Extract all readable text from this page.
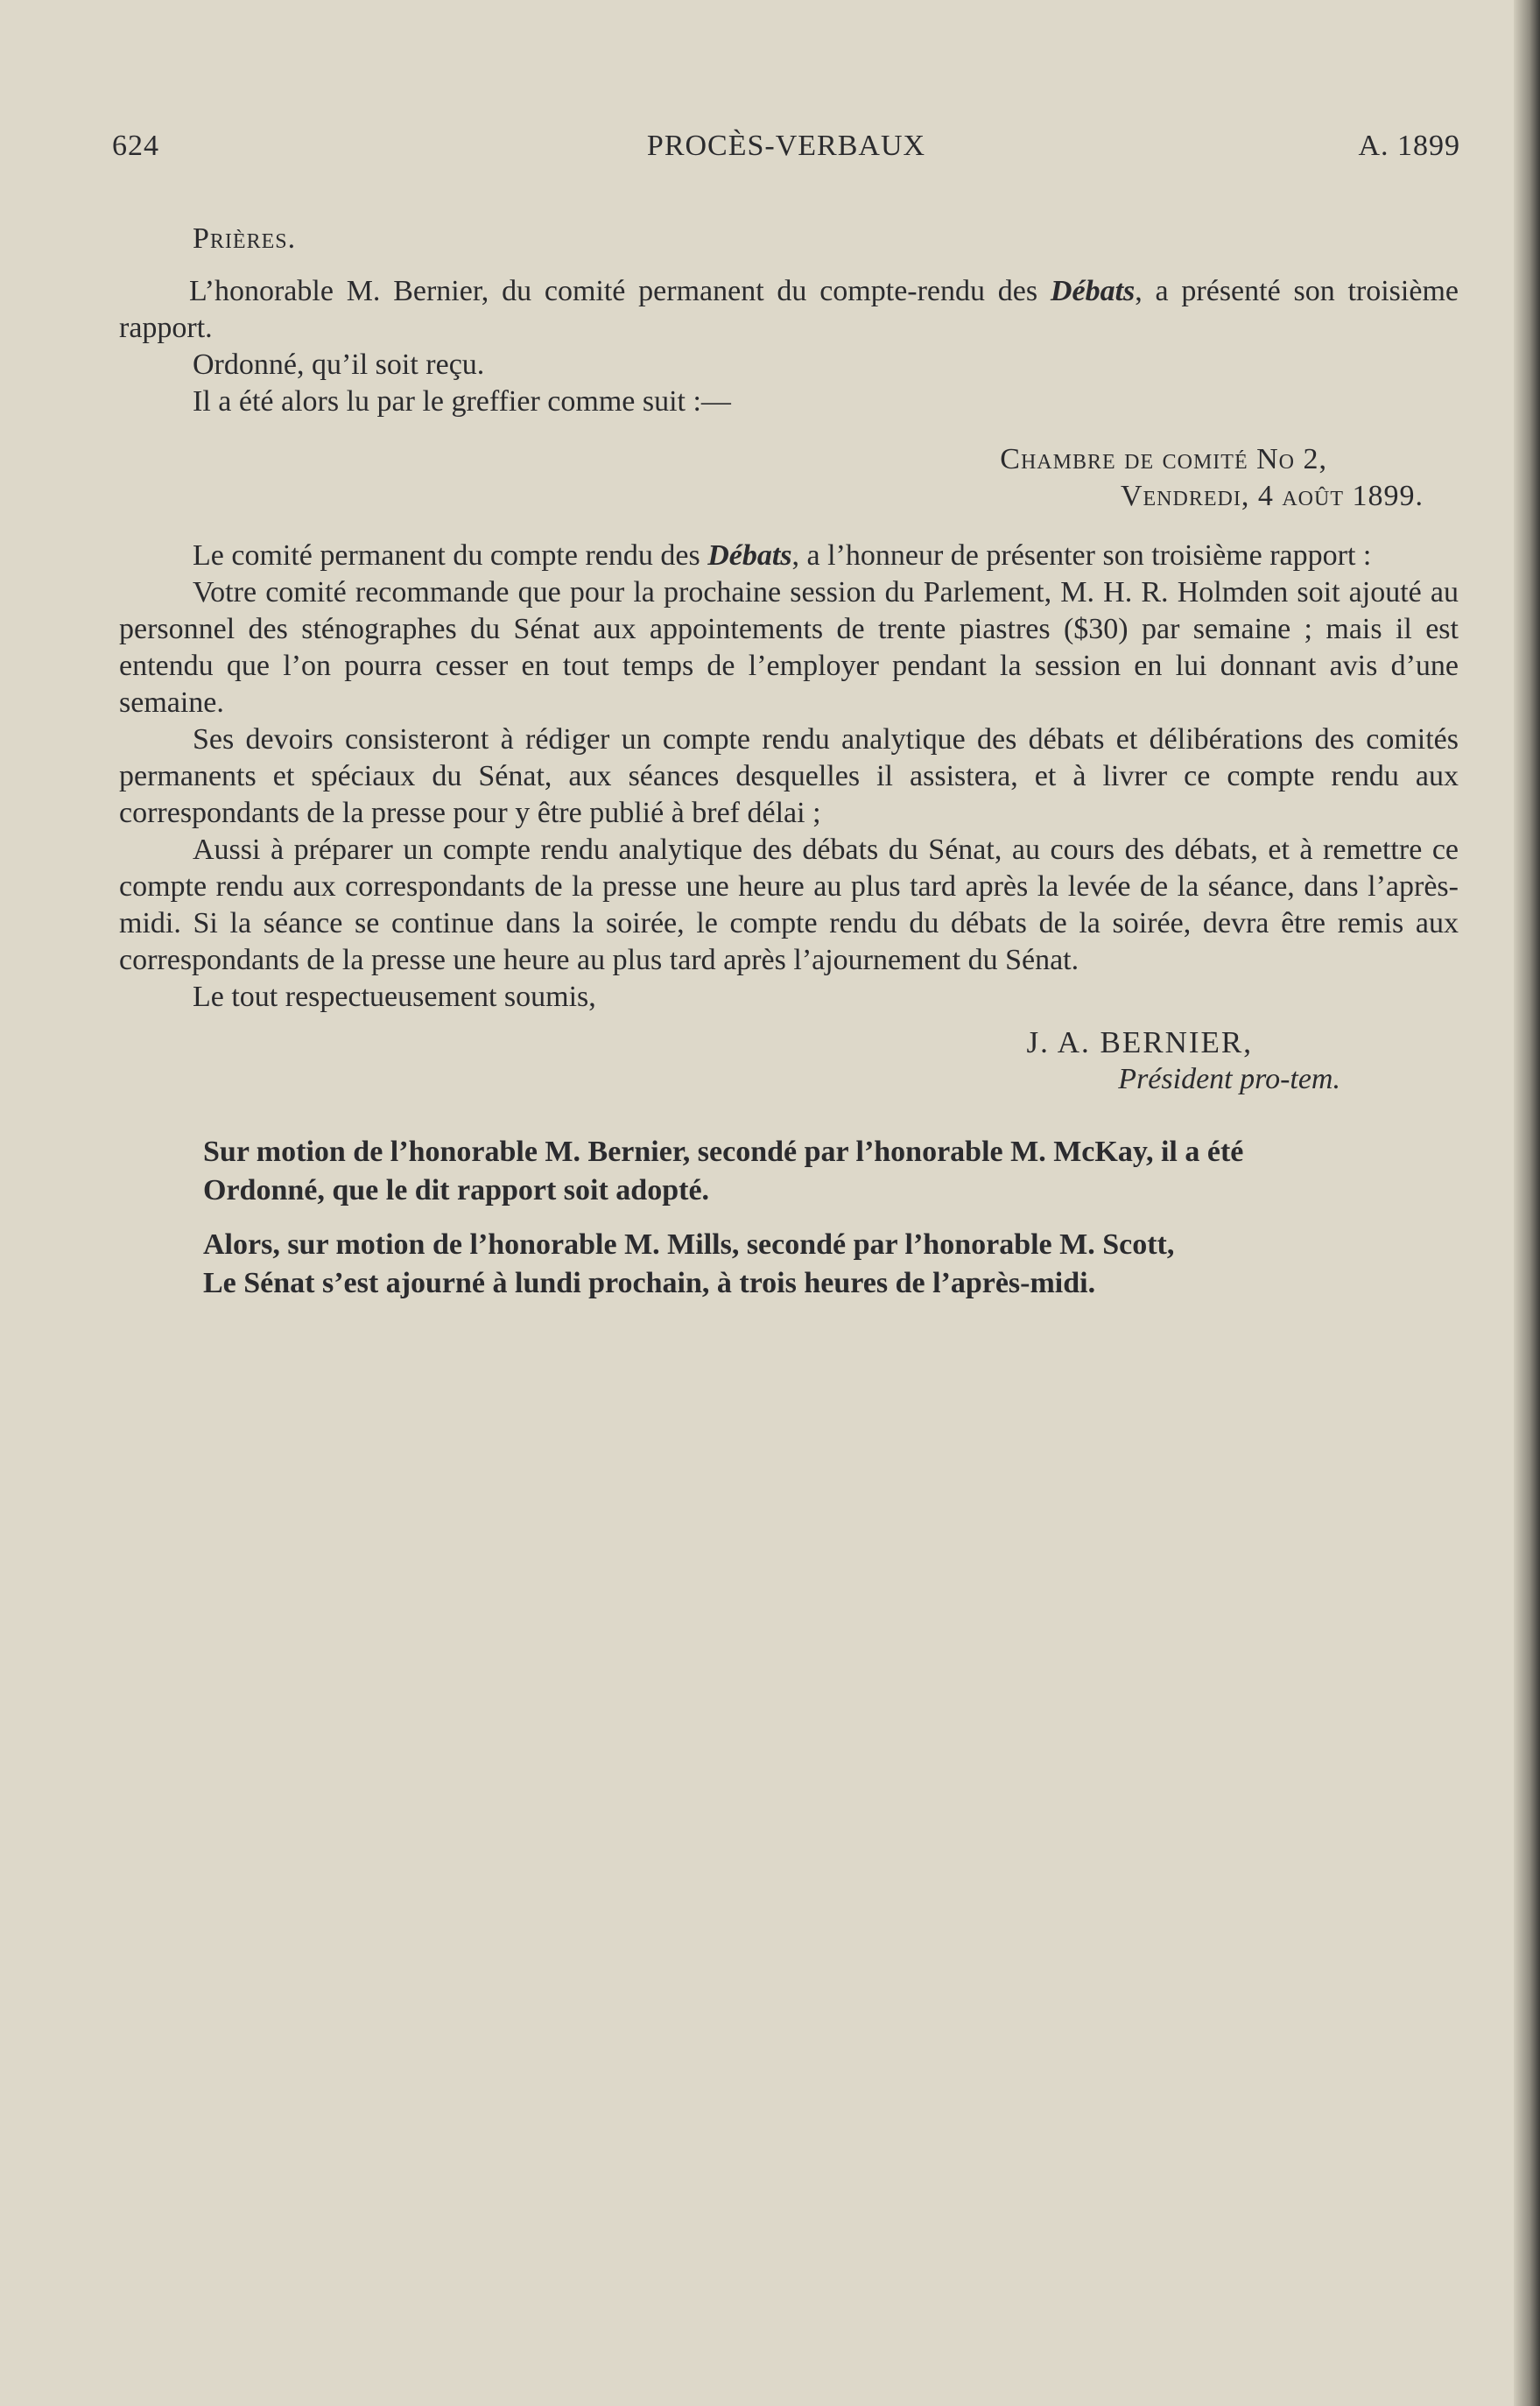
624	PROCÈS-VERBAUX	A. 1899

Prières.

L’honorable M. Bernier, du comité permanent du compte-rendu des Débats, a présenté son troisième rapport.

Ordonné, qu’il soit reçu.

Il a été alors lu par le greffier comme suit :—

Chambre de comité No 2,

Vendredi, 4 août 1899.

Le comité permanent du compte rendu des Débats, a l’honneur de présenter son troisième rapport :

Votre comité recommande que pour la prochaine session du Parlement, M. H. R. Holmden soit ajouté au personnel des sténographes du Sénat aux appointements de trente piastres ($30) par semaine ; mais il est entendu que l’on pourra cesser en tout temps de l’employer pendant la session en lui donnant avis d’une semaine.

Ses devoirs consisteront à rédiger un compte rendu analytique des débats et délibérations des comités permanents et spéciaux du Sénat, aux séances desquelles il assistera, et à livrer ce compte rendu aux correspondants de la presse pour y être publié à bref délai ;

Aussi à préparer un compte rendu analytique des débats du Sénat, au cours des débats, et à remettre ce compte rendu aux correspondants de la presse une heure au plus tard après la levée de la séance, dans l’après-midi. Si la séance se continue dans la soirée, le compte rendu du débats de la soirée, devra être remis aux correspondants de la presse une heure au plus tard après l’ajournement du Sénat.

Le tout respectueusement soumis,

J. A. BERNIER,

Président pro-tem.

Sur motion de l’honorable M. Bernier, secondé par l’honorable M. McKay, il a été

Ordonné, que le dit rapport soit adopté.

Alors, sur motion de l’honorable M. Mills, secondé par l’honorable M. Scott,

Le Sénat s’est ajourné à lundi prochain, à trois heures de l’après-midi.
